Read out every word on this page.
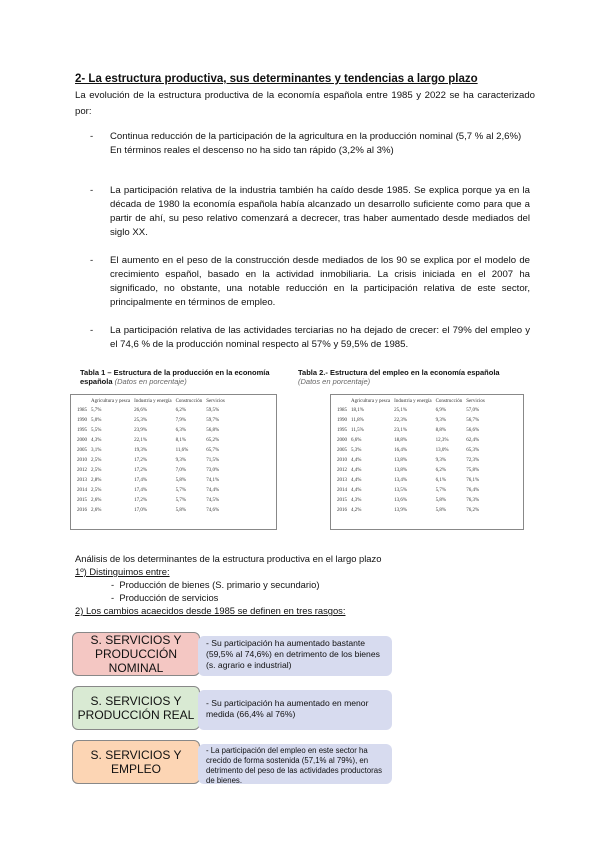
2- La estructura productiva, sus determinantes y tendencias a largo plazo
La evolución de la estructura productiva de la economía española entre 1985 y 2022 se ha caracterizado por:
- Continua reducción de la participación de la agricultura en la producción nominal (5,7 % al 2,6%)
En términos reales el descenso no ha sido tan rápido (3,2% al 3%)
- La participación relativa de la industria también ha caído desde 1985. Se explica porque ya en la década de 1980 la economía española había alcanzado un desarrollo suficiente como para que a partir de ahí, su peso relativo comenzará a decrecer, tras haber aumentado desde mediados del siglo XX.
- El aumento en el peso de la construcción desde mediados de los 90 se explica por el modelo de crecimiento español, basado en la actividad inmobiliaria. La crisis iniciada en el 2007 ha significado, no obstante, una notable reducción en la participación relativa de este sector, principalmente en términos de empleo.
- La participación relativa de las actividades terciarias no ha dejado de crecer: el 79% del empleo y el 74,6 % de la producción nominal respecto al 57% y 59,5% de 1985.
Tabla 1 – Estructura de la producción en la economía española (Datos en porcentaje)
	Agricultura y pesca	Industria y energía	Construcción	Servicios
1985	5,7%	26,6%	6,2%	59,5%
1990	5,0%	25,3%	7,9%	59,7%
1995	5,5%	23,9%	6,3%	56,8%
2000	4,3%	22,1%	8,1%	65,2%
2005	3,1%	19,3%	11,6%	65,7%
2010	2,5%	17,2%	9,3%	71,5%
2012	2,5%	17,2%	7,0%	73,0%
2013	2,8%	17,4%	5,8%	74,1%
2014	2,5%	17,4%	5,7%	74,4%
2015	2,6%	17,2%	5,7%	74,5%
2016	2,6%	17,0%	5,8%	74,6%
Tabla 2.- Estructura del empleo en la economía española
(Datos en porcentaje)
	Agricultura y pesca	Industria y energía	Construcción	Servicios
1985	18,1%	25,1%	6,9%	57,0%
1990	11,8%	22,3%	9,3%	56,7%
1995	11,5%	23,1%	8,8%	56,6%
2000	6,6%	18,8%	12,3%	62,4%
2005	5,3%	16,4%	13,0%	65,3%
2010	4,4%	13,8%	9,3%	72,3%
2012	4,4%	13,8%	6,2%	75,8%
2013	4,4%	13,4%	6,1%	76,1%
2014	4,4%	13,5%	5,7%	76,4%
2015	4,3%	13,6%	5,8%	76,3%
2016	4,2%	13,9%	5,8%	76,2%
Análisis de los determinantes de la estructura productiva en el largo plazo
1º) Distinguimos entre:
-  Producción de bienes (S. primario y secundario)
-  Producción de servicios
2) Los cambios acaecidos desde 1985 se definen en tres rasgos:
S. SERVICIOS Y PRODUCCIÓN NOMINAL
- Su participación ha aumentado bastante (59,5% al 74,6%) en detrimento de los bienes (s. agrario e industrial)
S. SERVICIOS Y PRODUCCIÓN REAL
- Su participación ha aumentado en menor medida (66,4% al 76%)
S. SERVICIOS Y EMPLEO
- La participación del empleo en este sector ha crecido de forma sostenida (57,1% al 79%), en detrimento del peso de las actividades productoras de bienes.
